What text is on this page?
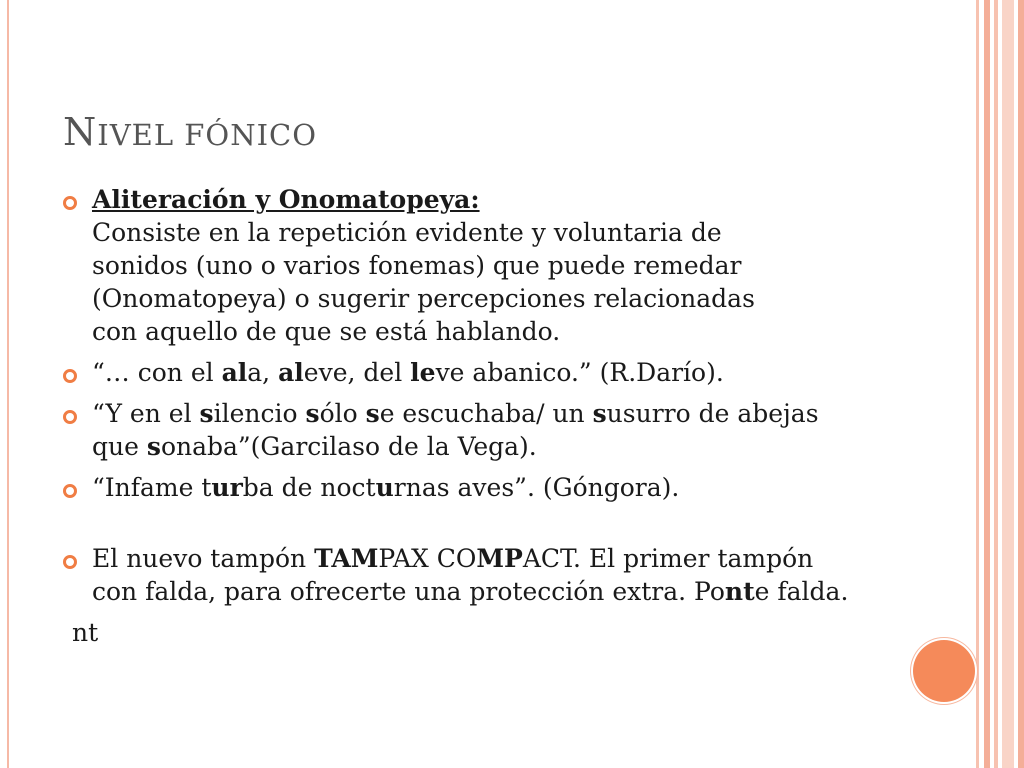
NIVEL FÓNICO
Aliteración y Onomatopeya:
Consiste en la repetición evidente y voluntaria de
sonidos (uno o varios fonemas) que puede remedar
(Onomatopeya) o sugerir percepciones relacionadas
con aquello de que se está hablando.
“… con el ala, aleve, del leve abanico.” (R.Darío).
“Y en el silencio sólo se escuchaba/ un susurro de abejas que sonaba”(Garcilaso de la Vega).
“Infame turba de nocturnas aves”. (Góngora).
El nuevo tampón TAMPAX COMPACT. El primer tampón con falda, para ofrecerte una protección extra. Ponte falda.
nt
